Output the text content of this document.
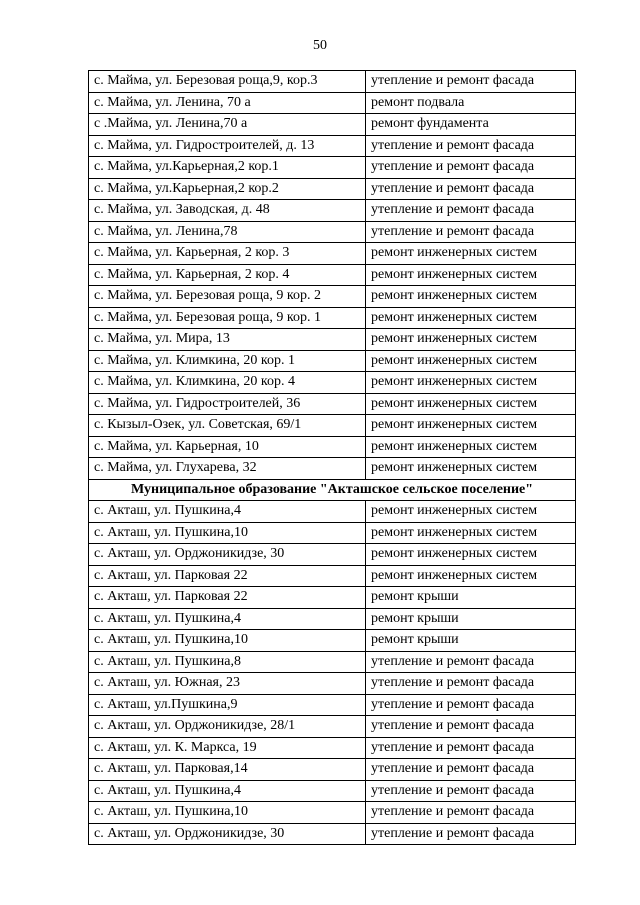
50
с. Майма, ул. Березовая роща,9, кор.3	утепление и ремонт фасада
с. Майма, ул. Ленина, 70 а	ремонт подвала
с .Майма, ул. Ленина,70 а	ремонт фундамента
с. Майма, ул. Гидростроителей, д. 13	утепление и ремонт фасада
с. Майма, ул.Карьерная,2 кор.1	утепление и ремонт фасада
с. Майма, ул.Карьерная,2 кор.2	утепление и ремонт фасада
с. Майма, ул. Заводская, д. 48	утепление и ремонт фасада
с. Майма, ул. Ленина,78	утепление и ремонт фасада
с. Майма, ул. Карьерная, 2 кор. 3	ремонт инженерных систем
с. Майма, ул. Карьерная, 2 кор. 4	ремонт инженерных систем
с. Майма, ул. Березовая роща, 9 кор. 2	ремонт инженерных систем
с. Майма, ул. Березовая роща, 9 кор. 1	ремонт инженерных систем
с. Майма, ул. Мира, 13	ремонт инженерных систем
с. Майма, ул. Климкина, 20 кор. 1	ремонт инженерных систем
с. Майма, ул. Климкина, 20 кор. 4	ремонт инженерных систем
с. Майма, ул. Гидростроителей, 36	ремонт инженерных систем
с. Кызыл-Озек, ул. Советская, 69/1	ремонт инженерных систем
с. Майма, ул. Карьерная, 10	ремонт инженерных систем
с. Майма, ул. Глухарева, 32	ремонт инженерных систем
Муниципальное образование "Акташское сельское поселение"	
с. Акташ, ул. Пушкина,4	ремонт инженерных систем
с. Акташ, ул. Пушкина,10	ремонт инженерных систем
с. Акташ, ул. Орджоникидзе, 30	ремонт инженерных систем
с. Акташ, ул. Парковая 22	ремонт инженерных систем
с. Акташ, ул. Парковая 22	ремонт крыши
с. Акташ, ул. Пушкина,4	ремонт крыши
с. Акташ, ул. Пушкина,10	ремонт крыши
с. Акташ, ул. Пушкина,8	утепление и ремонт фасада
с. Акташ, ул. Южная, 23	утепление и ремонт фасада
с. Акташ, ул.Пушкина,9	утепление и ремонт фасада
с. Акташ, ул. Орджоникидзе, 28/1	утепление и ремонт фасада
с. Акташ, ул. К. Маркса, 19	утепление и ремонт фасада
с. Акташ, ул. Парковая,14	утепление и ремонт фасада
с. Акташ, ул. Пушкина,4	утепление и ремонт фасада
с. Акташ, ул. Пушкина,10	утепление и ремонт фасада
с. Акташ, ул. Орджоникидзе, 30	утепление и ремонт фасада
